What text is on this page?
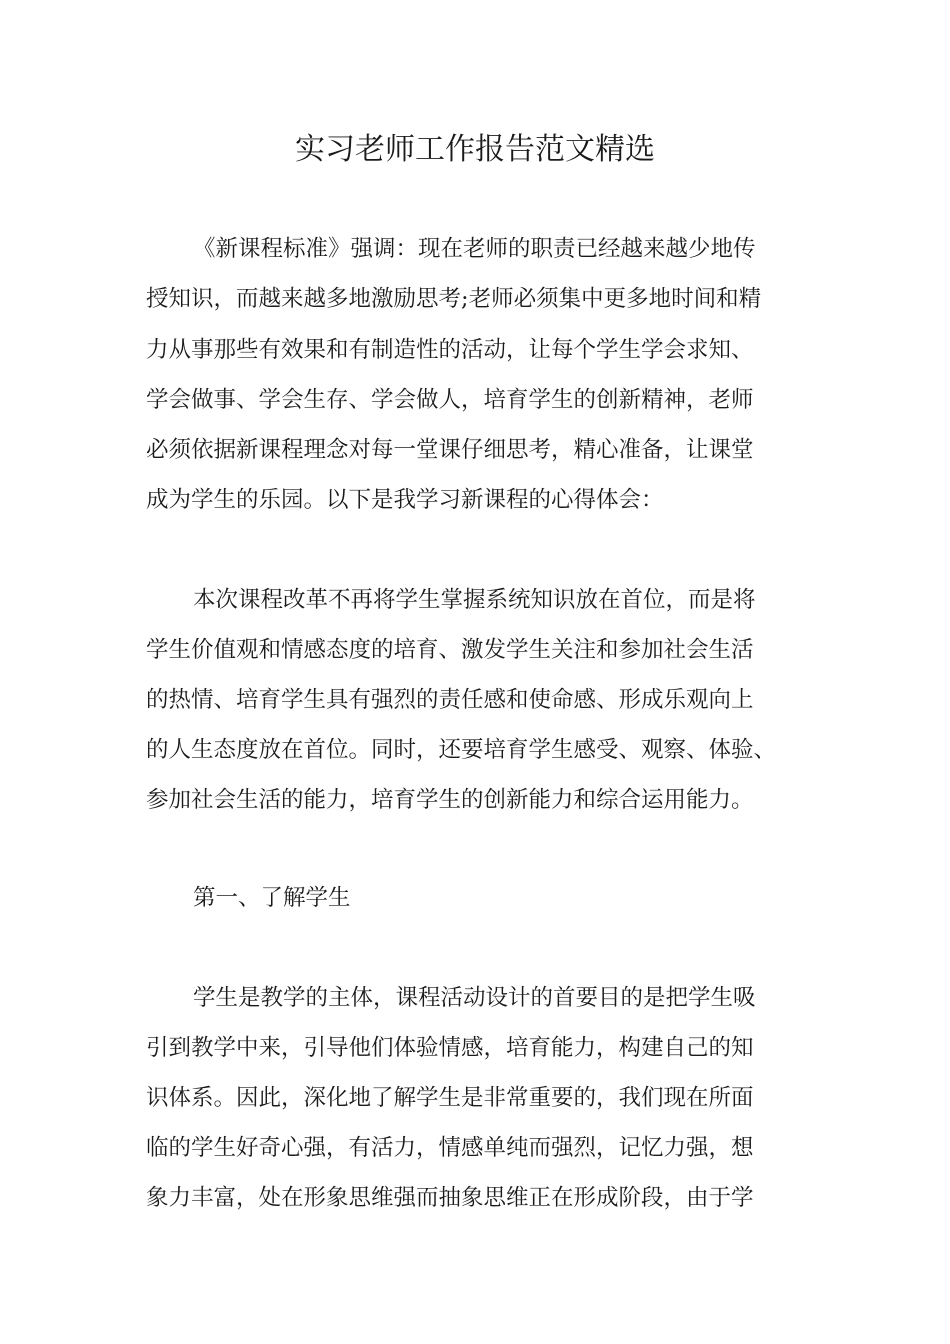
实习老师工作报告范文精选

《新课程标准》强调：现在老师的职责已经越来越少地传

授知识，而越来越多地激励思考;老师必须集中更多地时间和精

力从事那些有效果和有制造性的活动，让每个学生学会求知、

学会做事、学会生存、学会做人，培育学生的创新精神，老师

必须依据新课程理念对每一堂课仔细思考，精心准备，让课堂

成为学生的乐园。以下是我学习新课程的心得体会：

本次课程改革不再将学生掌握系统知识放在首位，而是将

学生价值观和情感态度的培育、激发学生关注和参加社会生活

的热情、培育学生具有强烈的责任感和使命感、形成乐观向上

的人生态度放在首位。同时，还要培育学生感受、观察、体验、

参加社会生活的能力，培育学生的创新能力和综合运用能力。

第一、了解学生

学生是教学的主体，课程活动设计的首要目的是把学生吸

引到教学中来，引导他们体验情感，培育能力，构建自己的知

识体系。因此，深化地了解学生是非常重要的，我们现在所面

临的学生好奇心强，有活力，情感单纯而强烈，记忆力强，想

象力丰富，处在形象思维强而抽象思维正在形成阶段，由于学
